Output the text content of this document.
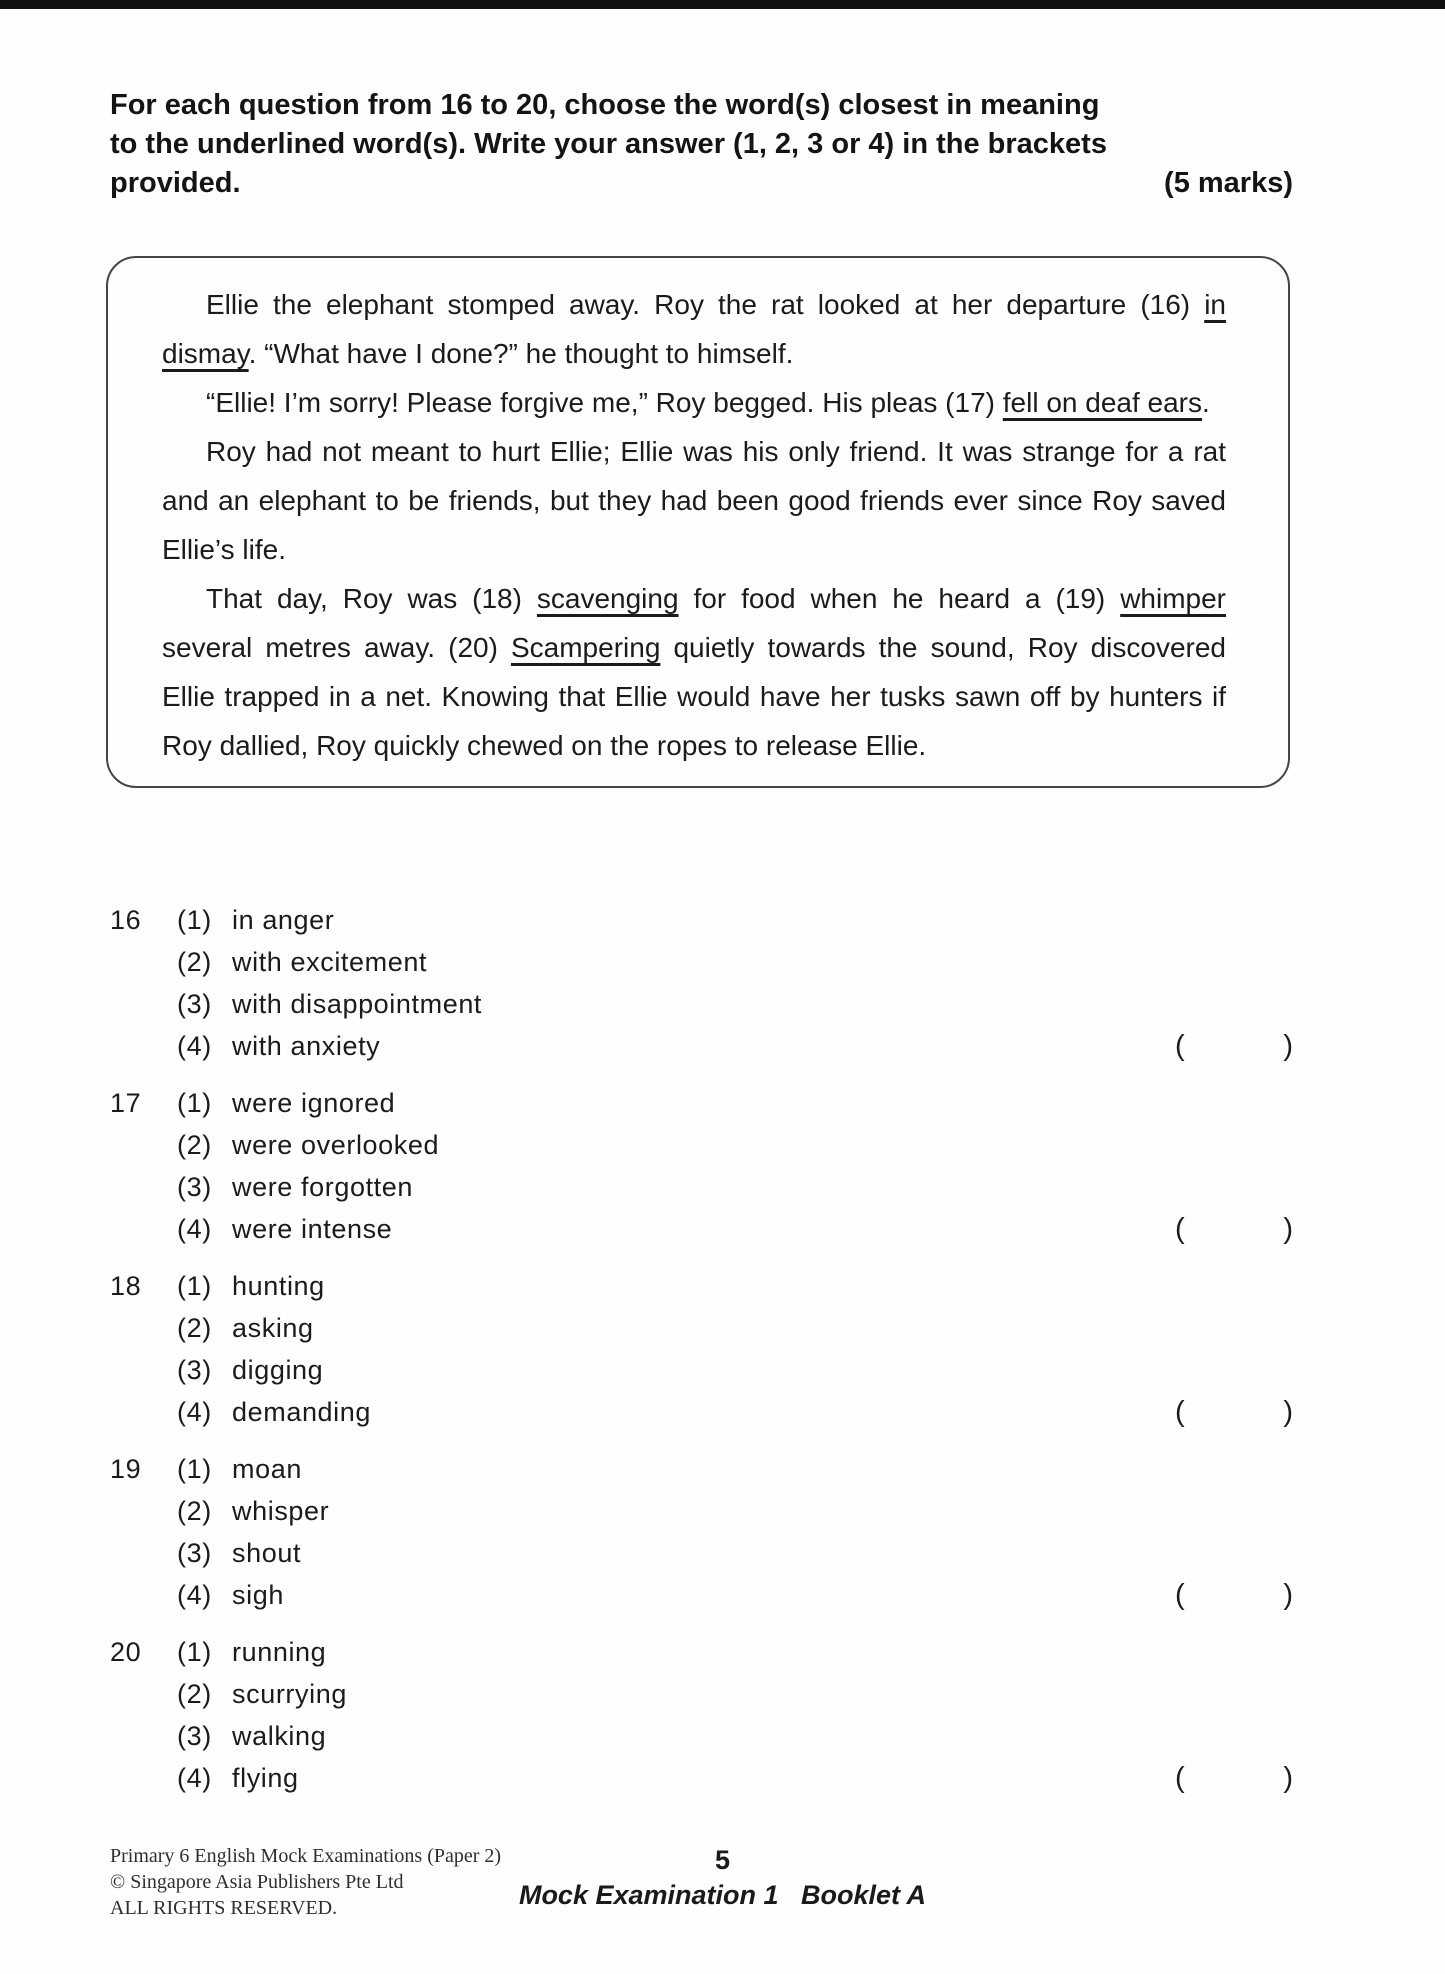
For each question from 16 to 20, choose the word(s) closest in meaning
to the underlined word(s). Write your answer (1, 2, 3 or 4) in the brackets
provided.	(5 marks)

Ellie the elephant stomped away. Roy the rat looked at her departure (16) in dismay. “What have I done?” he thought to himself.

“Ellie! I’m sorry! Please forgive me,” Roy begged. His pleas (17) fell on deaf ears.

Roy had not meant to hurt Ellie; Ellie was his only friend. It was strange for a rat and an elephant to be friends, but they had been good friends ever since Roy saved Ellie’s life.

That day, Roy was (18) scavenging for food when he heard a (19) whimper several metres away. (20) Scampering quietly towards the sound, Roy discovered Ellie trapped in a net. Knowing that Ellie would have her tusks sawn off by hunters if Roy dallied, Roy quickly chewed on the ropes to release Ellie.

16	(1) in anger
(2) with excitement
(3) with disappointment
(4) with anxiety	(	)
17	(1) were ignored
(2) were overlooked
(3) were forgotten
(4) were intense	(	)
18	(1) hunting
(2) asking
(3) digging
(4) demanding	(	)
19	(1) moan
(2) whisper
(3) shout
(4) sigh	(	)
20	(1) running
(2) scurrying
(3) walking
(4) flying	(	)
Primary 6 English Mock Examinations (Paper 2)
© Singapore Asia Publishers Pte Ltd
ALL RIGHTS RESERVED.
5
Mock Examination 1   Booklet A
